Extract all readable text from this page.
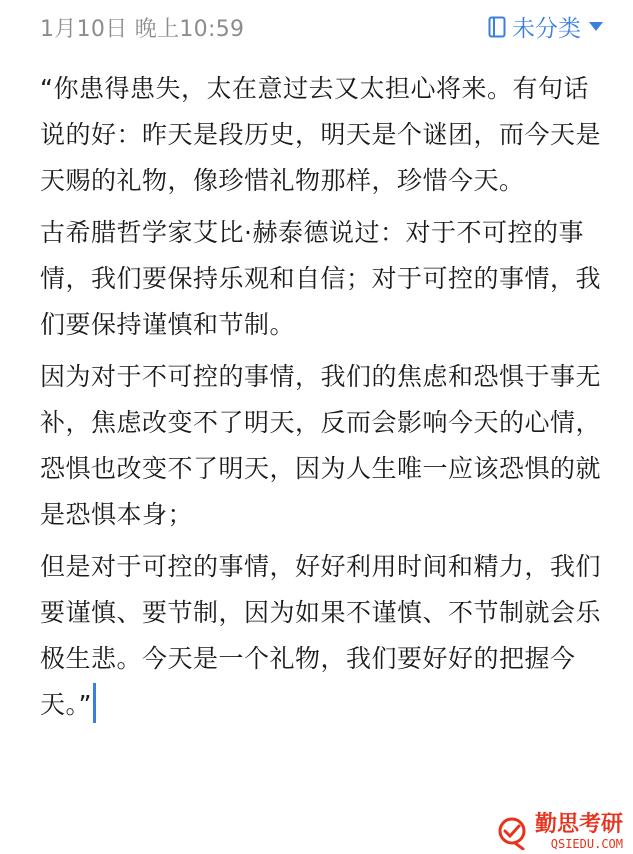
1月10日 晚上10:59	未分类

“你患得患失，太在意过去又太担心将来。有句话说的好：昨天是段历史，明天是个谜团，而今天是天赐的礼物，像珍惜礼物那样，珍惜今天。

古希腊哲学家艾比·赫泰德说过：对于不可控的事情，我们要保持乐观和自信；对于可控的事情，我们要保持谨慎和节制。

因为对于不可控的事情，我们的焦虑和恐惧于事无补，焦虑改变不了明天，反而会影响今天的心情，恐惧也改变不了明天，因为人生唯一应该恐惧的就是恐惧本身；

但是对于可控的事情，好好利用时间和精力，我们要谨慎、要节制，因为如果不谨慎、不节制就会乐极生悲。今天是一个礼物，我们要好好的把握今天。”

勤思考研
QSIEDU.COM
